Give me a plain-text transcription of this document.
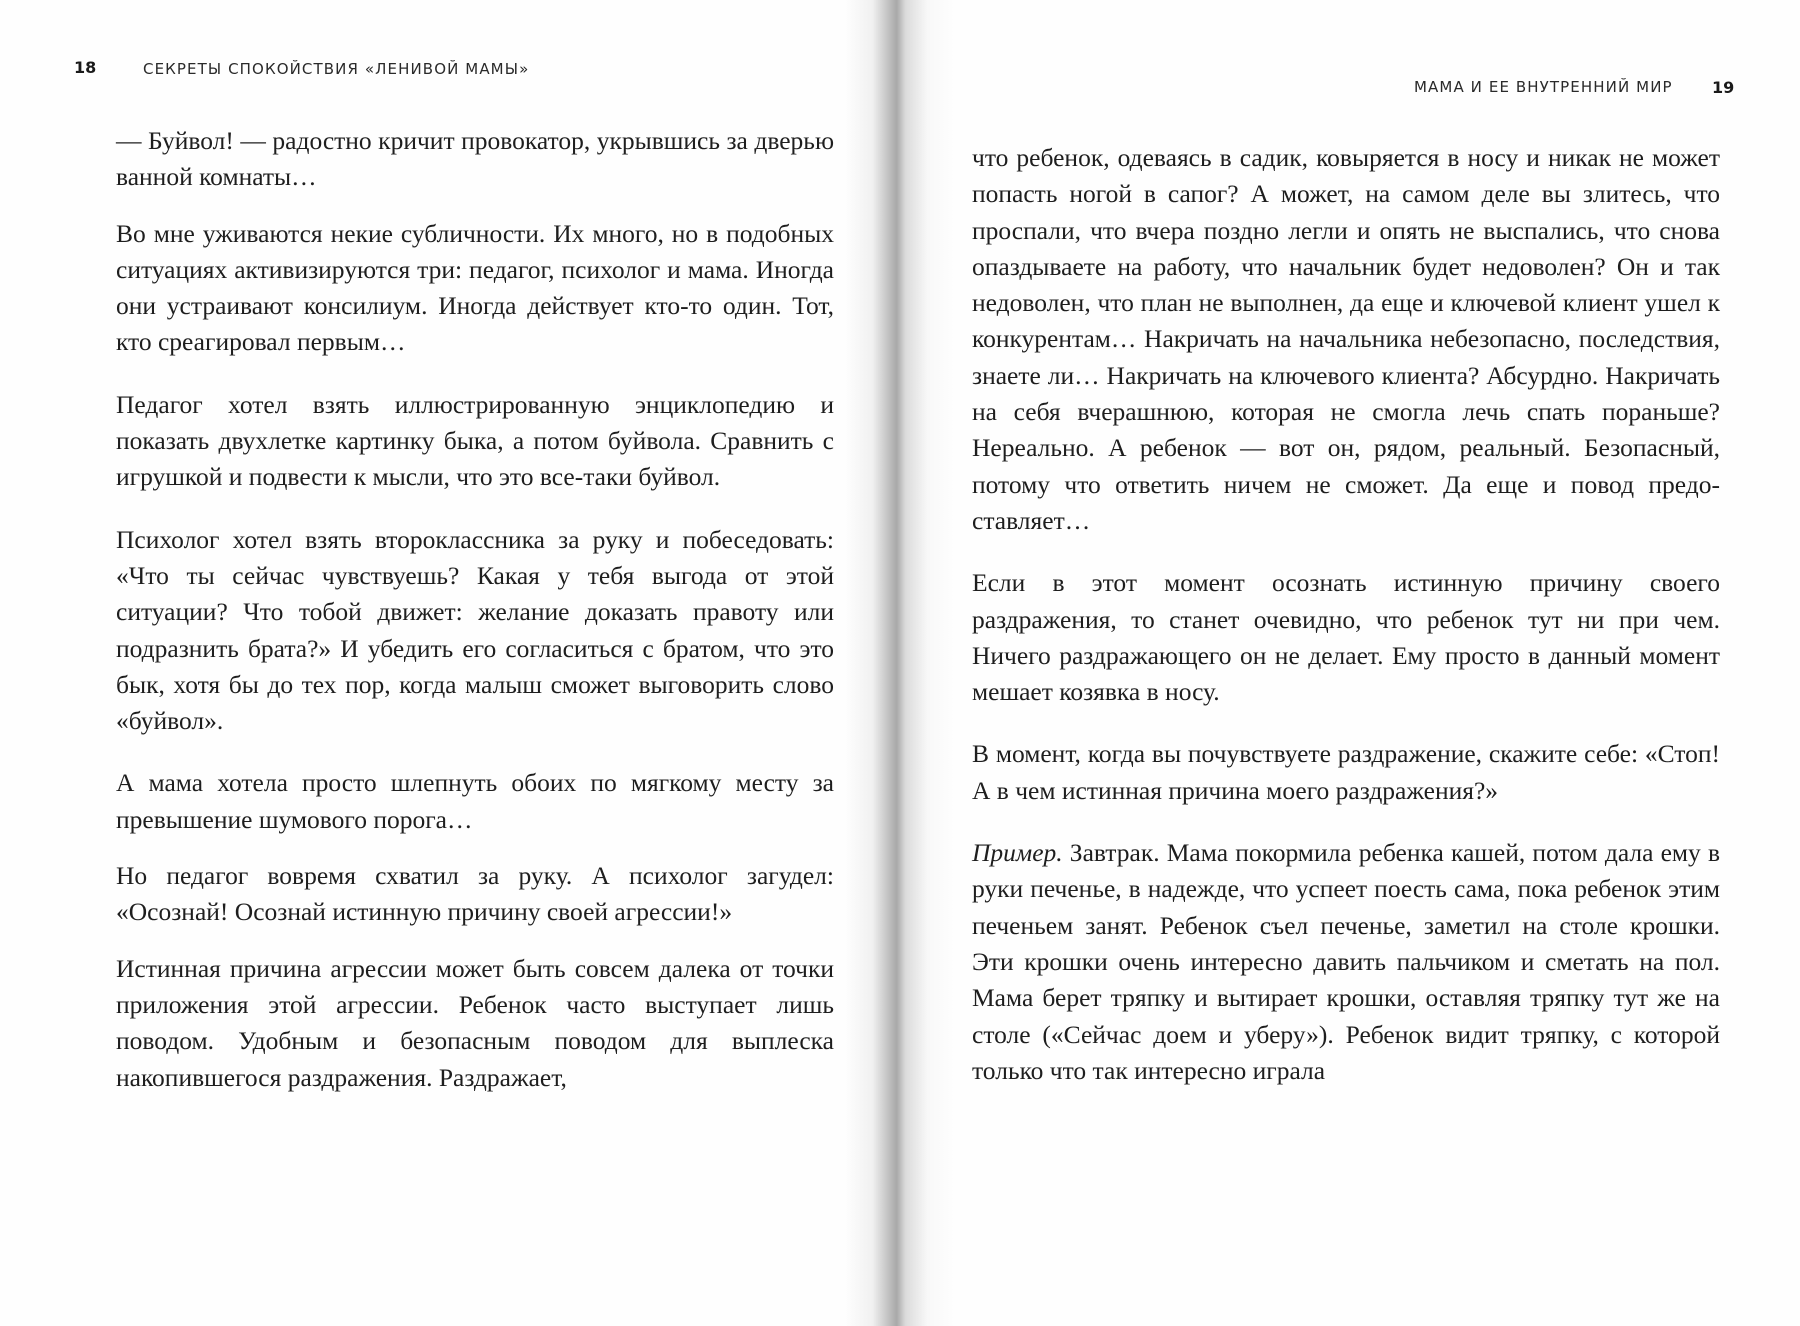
18	СЕКРЕТЫ СПОКОЙСТВИЯ «ЛЕНИВОЙ МАМЫ»

— Буйвол! — радостно кричит провокатор, укрывшись за дверью ванной комнаты…

Во мне уживаются некие субличности. Их много, но в подобных ситуациях активизируются три: педагог, психолог и мама. Иногда они устраивают консилиум. Иногда действует кто-то один. Тот, кто среагировал первым…

Педагог хотел взять иллюстрированную энциклопедию и показать двухлетке картинку быка, а потом буйвола. Сравнить с игрушкой и подвести к мысли, что это все-таки буйвол.

Психолог хотел взять второклассника за руку и побеседовать: «Что ты сейчас чувствуешь? Какая у тебя выгода от этой ситуации? Что тобой движет: желание доказать правоту или подразнить брата?» И убедить его согласиться с братом, что это бык, хотя бы до тех пор, когда малыш сможет выговорить слово «буйвол».

А мама хотела просто шлепнуть обоих по мягкому месту за превышение шумового порога…

Но педагог вовремя схватил за руку. А психолог загудел: «Осознай! Осознай истинную причину своей агрессии!»

Истинная причина агрессии может быть совсем далека от точки приложения этой агрессии. Ребенок часто выступает лишь поводом. Удобным и безопасным поводом для выплеска накопившегося раздражения. Раздражает,

МАМА И ЕЕ ВНУТРЕННИЙ МИР 19

что ребенок, одеваясь в садик, ковыряется в носу и никак не может попасть ногой в сапог? А может, на самом деле вы злитесь, что проспали, что вчера поздно легли и опять не выспались, что снова опаздываете на работу, что начальник будет недоволен? Он и так недоволен, что план не выполнен, да еще и ключевой клиент ушел к конкурентам… Накричать на начальника небезопасно, последствия, знаете ли… Накричать на ключевого клиента? Абсурдно. Накричать на себя вчерашнюю, которая не смогла лечь спать пораньше? Нереально. А ребенок — вот он, рядом, реальный. Безопасный, потому что ответить ничем не сможет. Да еще и повод предоставляет…

Если в этот момент осознать истинную причину своего раздражения, то станет очевидно, что ребенок тут ни при чем. Ничего раздражающего он не делает. Ему просто в данный момент мешает козявка в носу.

В момент, когда вы почувствуете раздражение, скажите себе: «Стоп! А в чем истинная причина моего раздражения?»

Пример. Завтрак. Мама покормила ребенка кашей, потом дала ему в руки печенье, в надежде, что успеет поесть сама, пока ребенок этим печеньем занят. Ребенок съел печенье, заметил на столе крошки. Эти крошки очень интересно давить пальчиком и сметать на пол. Мама берет тряпку и вытирает крошки, оставляя тряпку тут же на столе («Сейчас доем и уберу»). Ребенок видит тряпку, с которой только что так интересно играла
